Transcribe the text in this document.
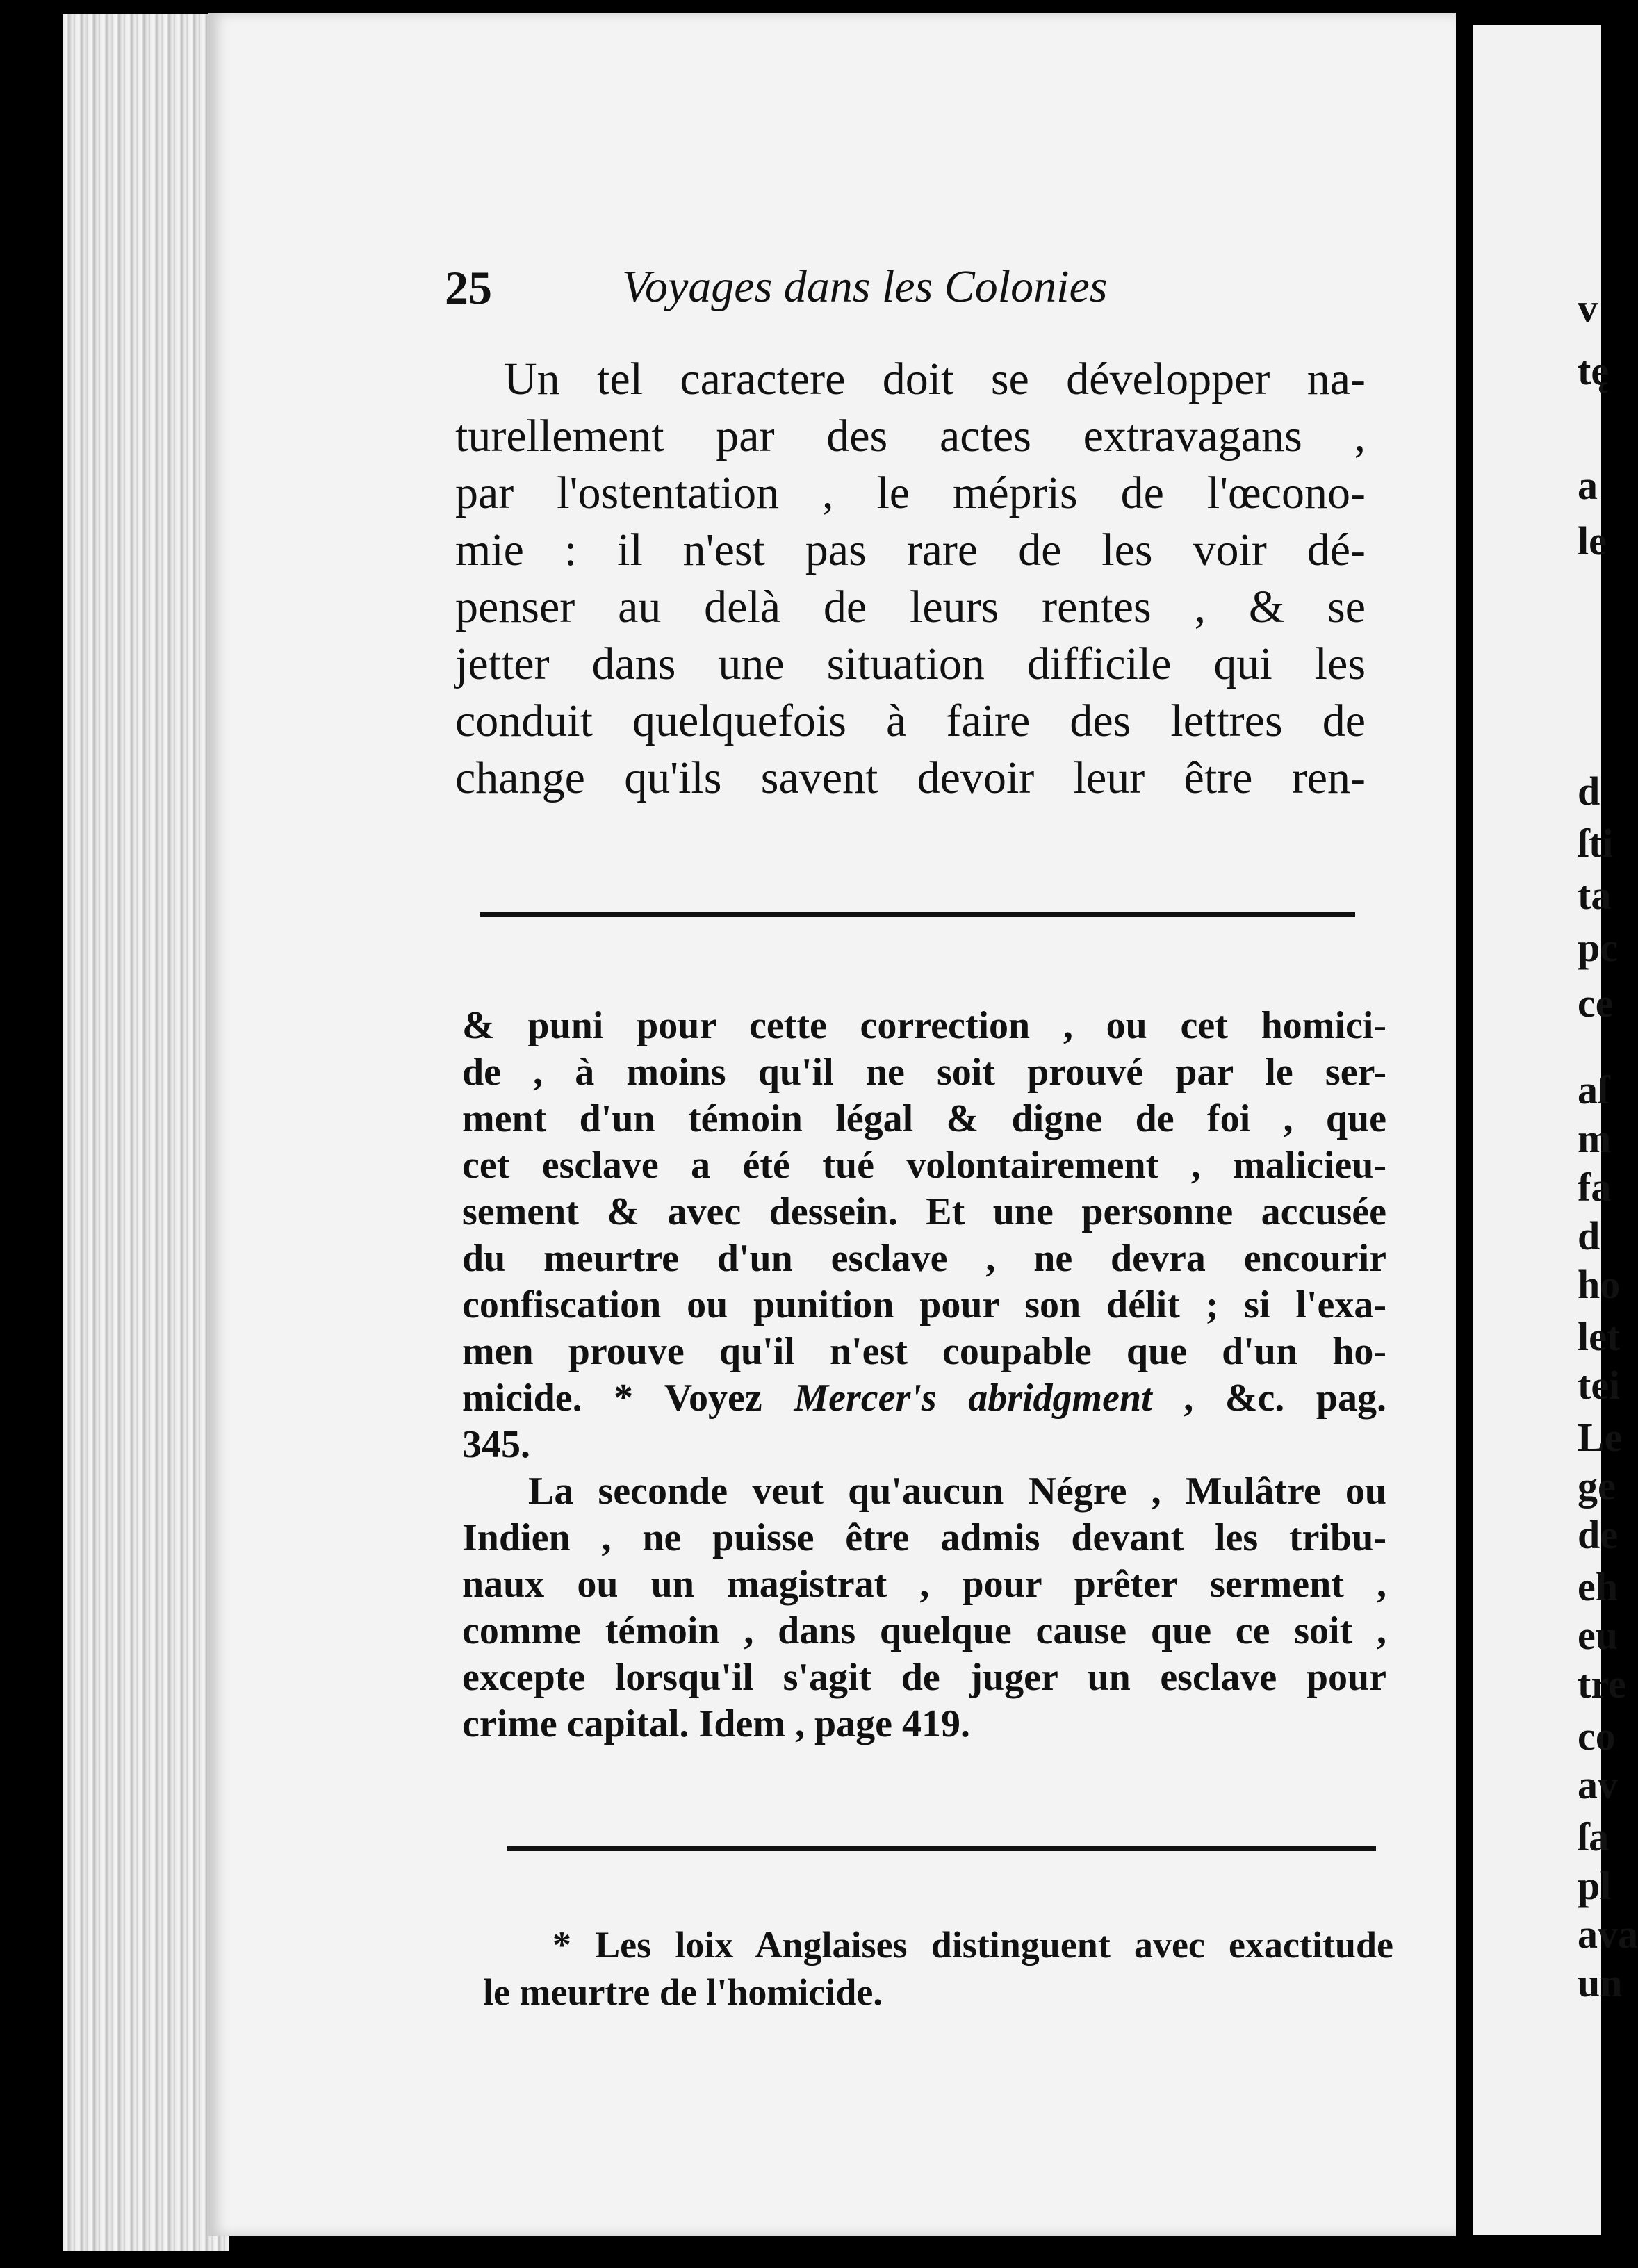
v
tę
a
le
d
ſti
ta
pc
ce
aſ
m
fa
d
ho
let
tei
Le
ge
de
eh
eu
tre
co
av
ſa
pl
ava
un
25	Voyages dans les Colonies
Un tel caractere doit se développer na-
turellement par des actes extravagans ,
par l'ostentation , le mépris de l'œcono-
mie : il n'est pas rare de les voir dé-
penser au delà de leurs rentes , & se
jetter dans une situation difficile qui les
conduit quelquefois à faire des lettres de
change qu'ils savent devoir leur être ren-
& puni pour cette correction , ou cet homici-
de , à moins qu'il ne soit prouvé par le ser-
ment d'un témoin légal & digne de foi , que
cet esclave a été tué volontairement , malicieu-
sement & avec dessein. Et une personne accusée
du meurtre d'un esclave , ne devra encourir
confiscation ou punition pour son délit ; si l'exa-
men prouve qu'il n'est coupable que d'un ho-
micide. * Voyez Mercer's abridgment , &c. pag.
345.
La seconde veut qu'aucun Négre , Mulâtre ou
Indien , ne puisse être admis devant les tribu-
naux ou un magistrat , pour prêter serment ,
comme témoin , dans quelque cause que ce soit ,
excepte lorsqu'il s'agit de juger un esclave pour
crime capital. Idem , page 419.
* Les loix Anglaises distinguent avec exactitude
le meurtre de l'homicide.
